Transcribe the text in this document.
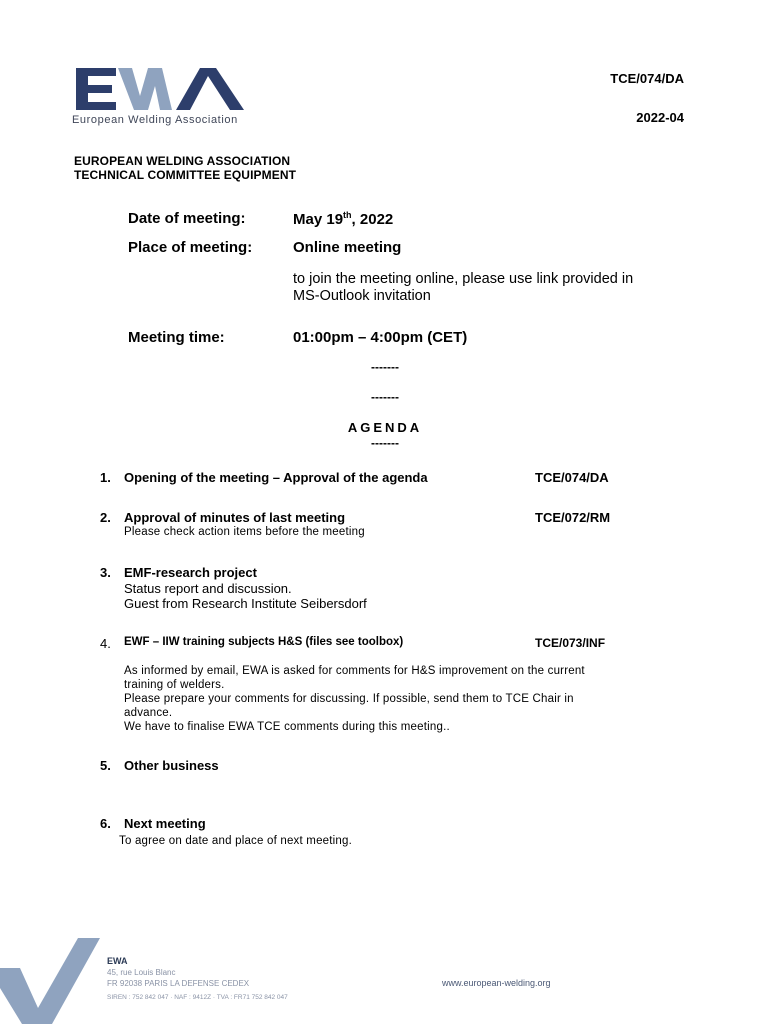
European Welding Association
TCE/074/DA
2022-04
EUROPEAN WELDING ASSOCIATION
TECHNICAL COMMITTEE EQUIPMENT
Date of meeting:	May 19th, 2022
Place of meeting:	Online meeting
to join the meeting online, please use link provided in
MS-Outlook invitation
Meeting time:	01:00pm – 4:00pm (CET)
-------
-------
AGENDA
-------
1. Opening of the meeting – Approval of the agenda	TCE/074/DA
2. Approval of minutes of last meeting	TCE/072/RM
Please check action items before the meeting
3. EMF-research project
Status report and discussion.
Guest from Research Institute Seibersdorf
4. EWF – IIW training subjects H&S (files see toolbox)	TCE/073/INF
As informed by email, EWA is asked for comments for H&S improvement on the current
training of welders.
Please prepare your comments for discussing. If possible, send them to TCE Chair in
advance.
We have to finalise EWA TCE comments during this meeting..
5. Other business
6. Next meeting
To agree on date and place of next meeting.
EWA
45, rue Louis Blanc
FR 92038 PARIS LA DEFENSE CEDEX
SIREN : 752 842 047 · NAF : 9412Z · TVA : FR71 752 842 047
www.european-welding.org
